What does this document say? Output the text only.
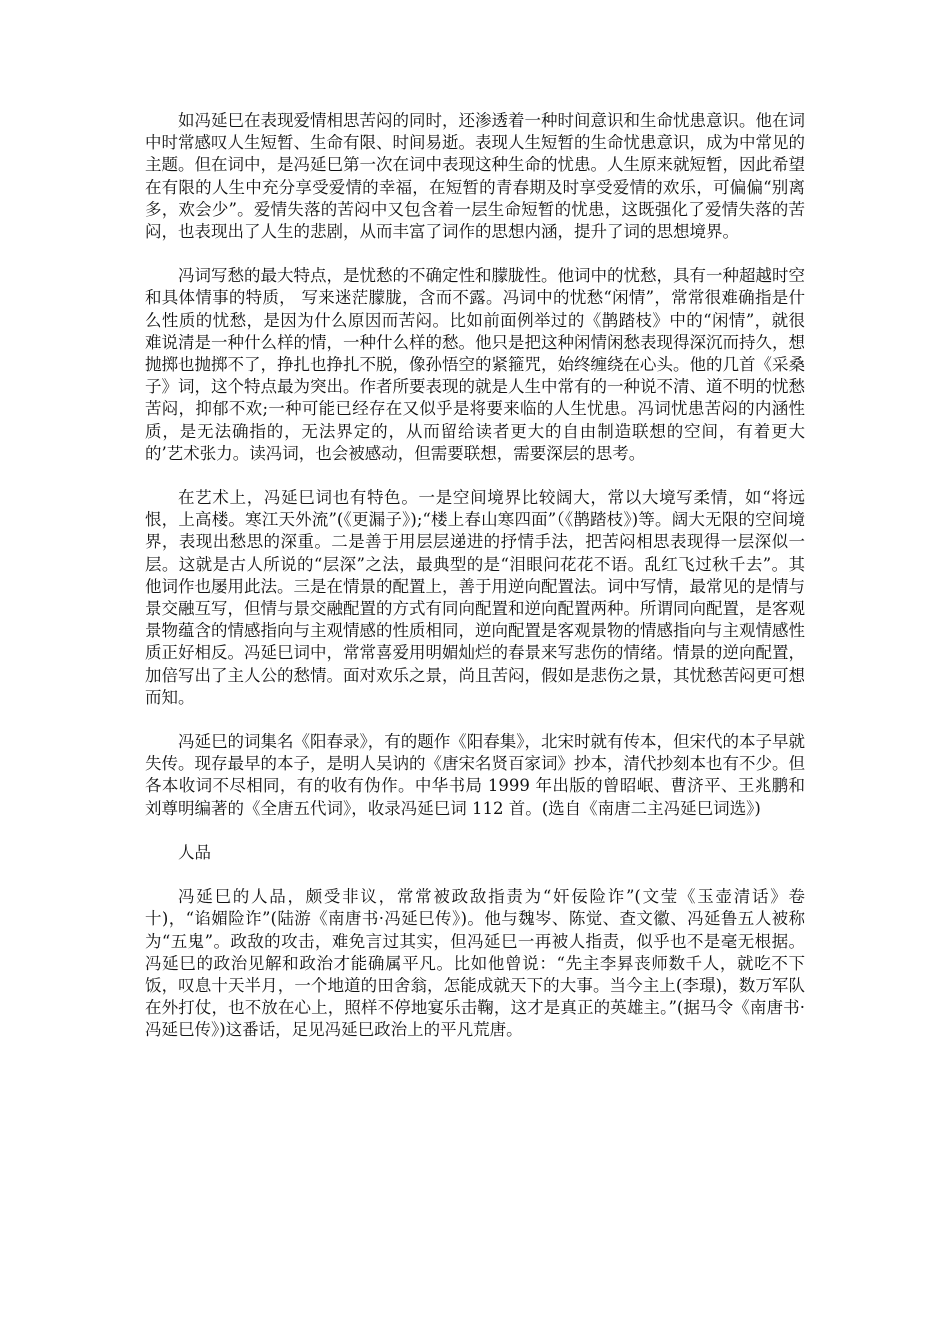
如冯延巳在表现爱情相思苦闷的同时，还渗透着一种时间意识和生命忧患意识。他在词中时常感叹人生短暂、生命有限、时间易逝。表现人生短暂的生命忧患意识，成为中常见的主题。但在词中，是冯延巳第一次在词中表现这种生命的忧患。人生原来就短暂，因此希望在有限的人生中充分享受爱情的幸福，在短暂的青春期及时享受爱情的欢乐，可偏偏“别离多，欢会少”。爱情失落的苦闷中又包含着一层生命短暂的忧患，这既强化了爱情失落的苦闷，也表现出了人生的悲剧，从而丰富了词作的思想内涵，提升了词的思想境界。

冯词写愁的最大特点，是忧愁的不确定性和朦胧性。他词中的忧愁，具有一种超越时空和具体情事的特质， 写来迷茫朦胧，含而不露。冯词中的忧愁“闲情”，常常很难确指是什么性质的忧愁，是因为什么原因而苦闷。比如前面例举过的《鹊踏枝》中的“闲情”，就很难说清是一种什么样的情，一种什么样的愁。他只是把这种闲情闲愁表现得深沉而持久，想抛掷也抛掷不了，挣扎也挣扎不脱，像孙悟空的紧箍咒，始终缠绕在心头。他的几首《采桑子》词，这个特点最为突出。作者所要表现的就是人生中常有的一种说不清、道不明的忧愁苦闷，抑郁不欢;一种可能已经存在又似乎是将要来临的人生忧患。冯词忧患苦闷的内涵性质，是无法确指的，无法界定的，从而留给读者更大的自由制造联想的空间，有着更大的’艺术张力。读冯词，也会被感动，但需要联想，需要深层的思考。

在艺术上，冯延巳词也有特色。一是空间境界比较阔大，常以大境写柔情，如“将远恨，上高楼。寒江天外流”(《更漏子》);“楼上春山寒四面”（《鹊踏枝》)等。阔大无限的空间境界，表现出愁思的深重。二是善于用层层递进的抒情手法，把苦闷相思表现得一层深似一层。这就是古人所说的“层深”之法，最典型的是“泪眼问花花不语。乱红飞过秋千去”。其他词作也屡用此法。三是在情景的配置上，善于用逆向配置法。词中写情，最常见的是情与景交融互写，但情与景交融配置的方式有同向配置和逆向配置两种。所谓同向配置，是客观景物蕴含的情感指向与主观情感的性质相同，逆向配置是客观景物的情感指向与主观情感性质正好相反。冯延巳词中，常常喜爱用明媚灿烂的春景来写悲伤的情绪。情景的逆向配置，加倍写出了主人公的愁情。面对欢乐之景，尚且苦闷，假如是悲伤之景，其忧愁苦闷更可想而知。

冯延巳的词集名《阳春录》，有的题作《阳春集》，北宋时就有传本，但宋代的本子早就失传。现存最早的本子，是明人吴讷的《唐宋名贤百家词》抄本，清代抄刻本也有不少。但各本收词不尽相同，有的收有伪作。中华书局 1999 年出版的曾昭岷、曹济平、王兆鹏和刘尊明编著的《全唐五代词》，收录冯延巳词 112 首。(选自《南唐二主冯延巳词选》)

人品

冯延巳的人品，颇受非议，常常被政敌指责为“奸佞险诈”(文莹《玉壶清话》卷十)，“谄媚险诈”(陆游《南唐书·冯延巳传》)。他与魏岑、陈觉、查文徽、冯延鲁五人被称为“五鬼”。政敌的攻击，难免言过其实，但冯延巳一再被人指责，似乎也不是毫无根据。冯延巳的政治见解和政治才能确属平凡。比如他曾说：“先主李昪丧师数千人，就吃不下饭，叹息十天半月，一个地道的田舍翁，怎能成就天下的大事。当今主上(李璟)，数万军队在外打仗，也不放在心上，照样不停地宴乐击鞠，这才是真正的英雄主。”(据马令《南唐书·冯延巳传》)这番话，足见冯延巳政治上的平凡荒唐。
